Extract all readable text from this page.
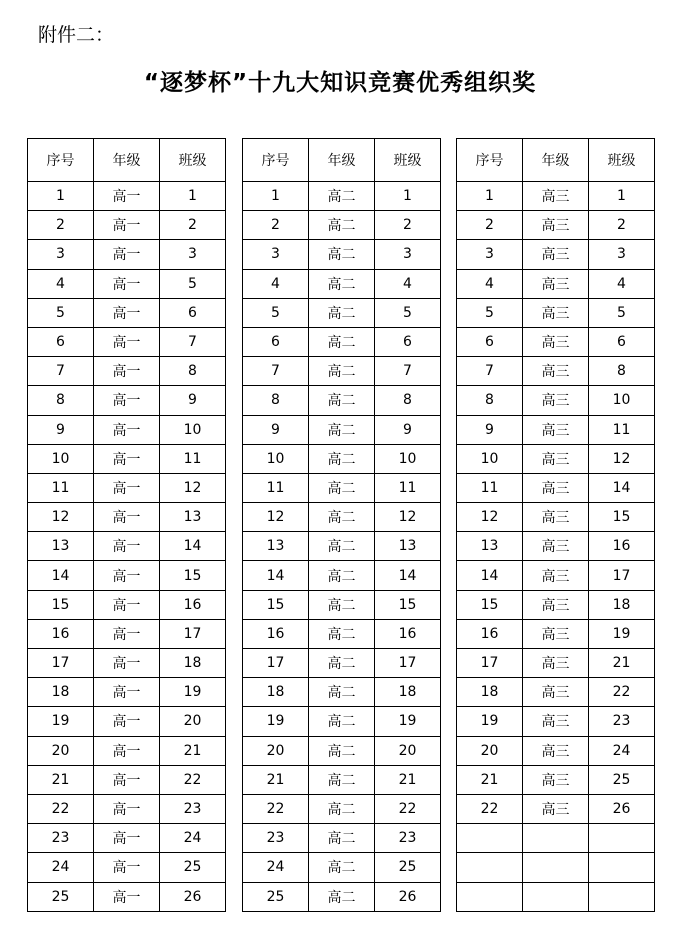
附件二：
“逐梦杯”十九大知识竞赛优秀组织奖
序号	年级	班级
1	高一	1
2	高一	2
3	高一	3
4	高一	5
5	高一	6
6	高一	7
7	高一	8
8	高一	9
9	高一	10
10	高一	11
11	高一	12
12	高一	13
13	高一	14
14	高一	15
15	高一	16
16	高一	17
17	高一	18
18	高一	19
19	高一	20
20	高一	21
21	高一	22
22	高一	23
23	高一	24
24	高一	25
25	高一	26
序号	年级	班级
1	高二	1
2	高二	2
3	高二	3
4	高二	4
5	高二	5
6	高二	6
7	高二	7
8	高二	8
9	高二	9
10	高二	10
11	高二	11
12	高二	12
13	高二	13
14	高二	14
15	高二	15
16	高二	16
17	高二	17
18	高二	18
19	高二	19
20	高二	20
21	高二	21
22	高二	22
23	高二	23
24	高二	25
25	高二	26
序号	年级	班级
1	高三	1
2	高三	2
3	高三	3
4	高三	4
5	高三	5
6	高三	6
7	高三	8
8	高三	10
9	高三	11
10	高三	12
11	高三	14
12	高三	15
13	高三	16
14	高三	17
15	高三	18
16	高三	19
17	高三	21
18	高三	22
19	高三	23
20	高三	24
21	高三	25
22	高三	26
